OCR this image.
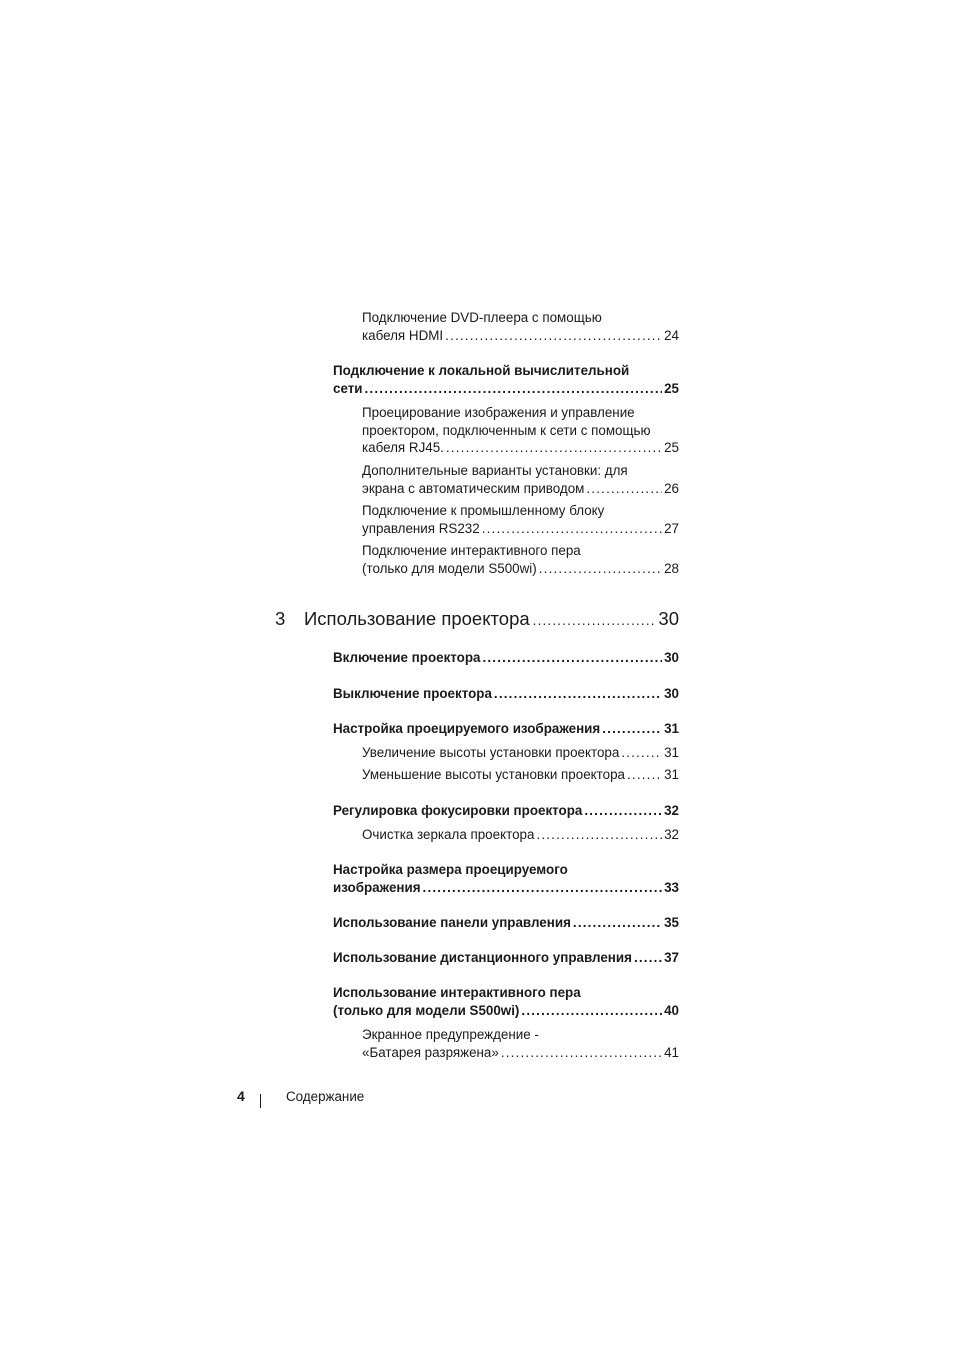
Подключение DVD-плеера с помощью
кабеля HDMI .....	24
Подключение к локальной вычислительной
сети .....	25
Проецирование изображения и управление
проектором, подключенным к сети с помощью
кабеля RJ45. .....	25
Дополнительные варианты установки: для
экрана с автоматическим приводом .....	26
Подключение к промышленному блоку
управления RS232 .....	27
Подключение интерактивного пера
(только для модели S500wi) .....	28
3	Использование проектора .....	30
Включение проектора .....	30
Выключение проектора .....	30
Настройка проецируемого изображения .....	31
Увеличение высоты установки проектора .....	31
Уменьшение высоты установки проектора .....	31
Регулировка фокусировки проектора .....	32
Очистка зеркала проектора .....	32
Настройка размера проецируемого
изображения .....	33
Использование панели управления .....	35
Использование дистанционного управления ..... 37
Использование интерактивного пера
(только для модели S500wi) .....	40
Экранное предупреждение -
«Батарея разряжена» .....	41
4	Содержание
